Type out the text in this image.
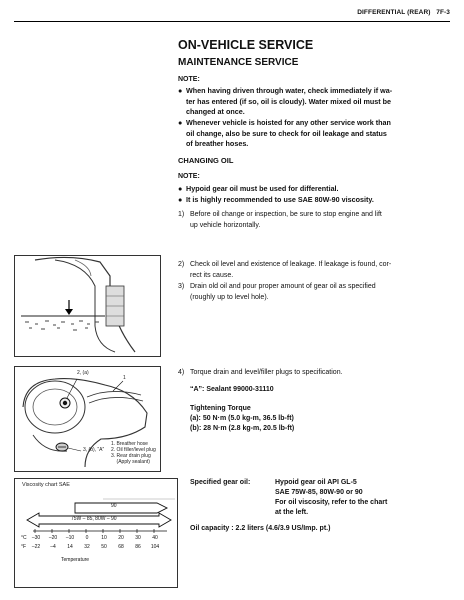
DIFFERENTIAL (REAR) 7F-3
ON-VEHICLE SERVICE
MAINTENANCE SERVICE
NOTE:
● When having driven through water, check immediately if wa-
ter has entered (if so, oil is cloudy). Water mixed oil must be
changed at once.
● Whenever vehicle is hoisted for any other service work than
oil change, also be sure to check for oil leakage and status
of breather hoses.
CHANGING OIL
NOTE:
● Hypoid gear oil must be used for differential.
● It is highly recommended to use SAE 80W-90 viscosity.
1) Before oil change or inspection, be sure to stop engine and lift
up vehicle horizontally.
2) Check oil level and existence of leakage. If leakage is found, cor-
rect its cause.
3) Drain old oil and pour proper amount of gear oil as specified
(roughly up to level hole).
2, (a)
1
3, (b), “A”
1. Breather hose
2. Oil filler/level plug
3. Rear drain plug
(Apply sealant)
4) Torque drain and level/filler plugs to specification.
“A”: Sealant 99000-31110
Tightening Torque
(a): 50 N·m (5.0 kg-m, 36.5 lb-ft)
(b): 28 N·m (2.8 kg-m, 20.5 lb-ft)
Viscosity chart SAE
90
75W – 85, 80W – 90
°C
°F
–30	–20	–10	0	10	20	30	40
–22	–4	14	32	50	68	86	104
Temperature
Specified gear oil:	Hypoid gear oil API GL-5
SAE 75W-85, 80W-90 or 90
For oil viscosity, refer to the chart
at the left.
Oil capacity : 2.2 liters (4.6/3.9 US/Imp. pt.)
